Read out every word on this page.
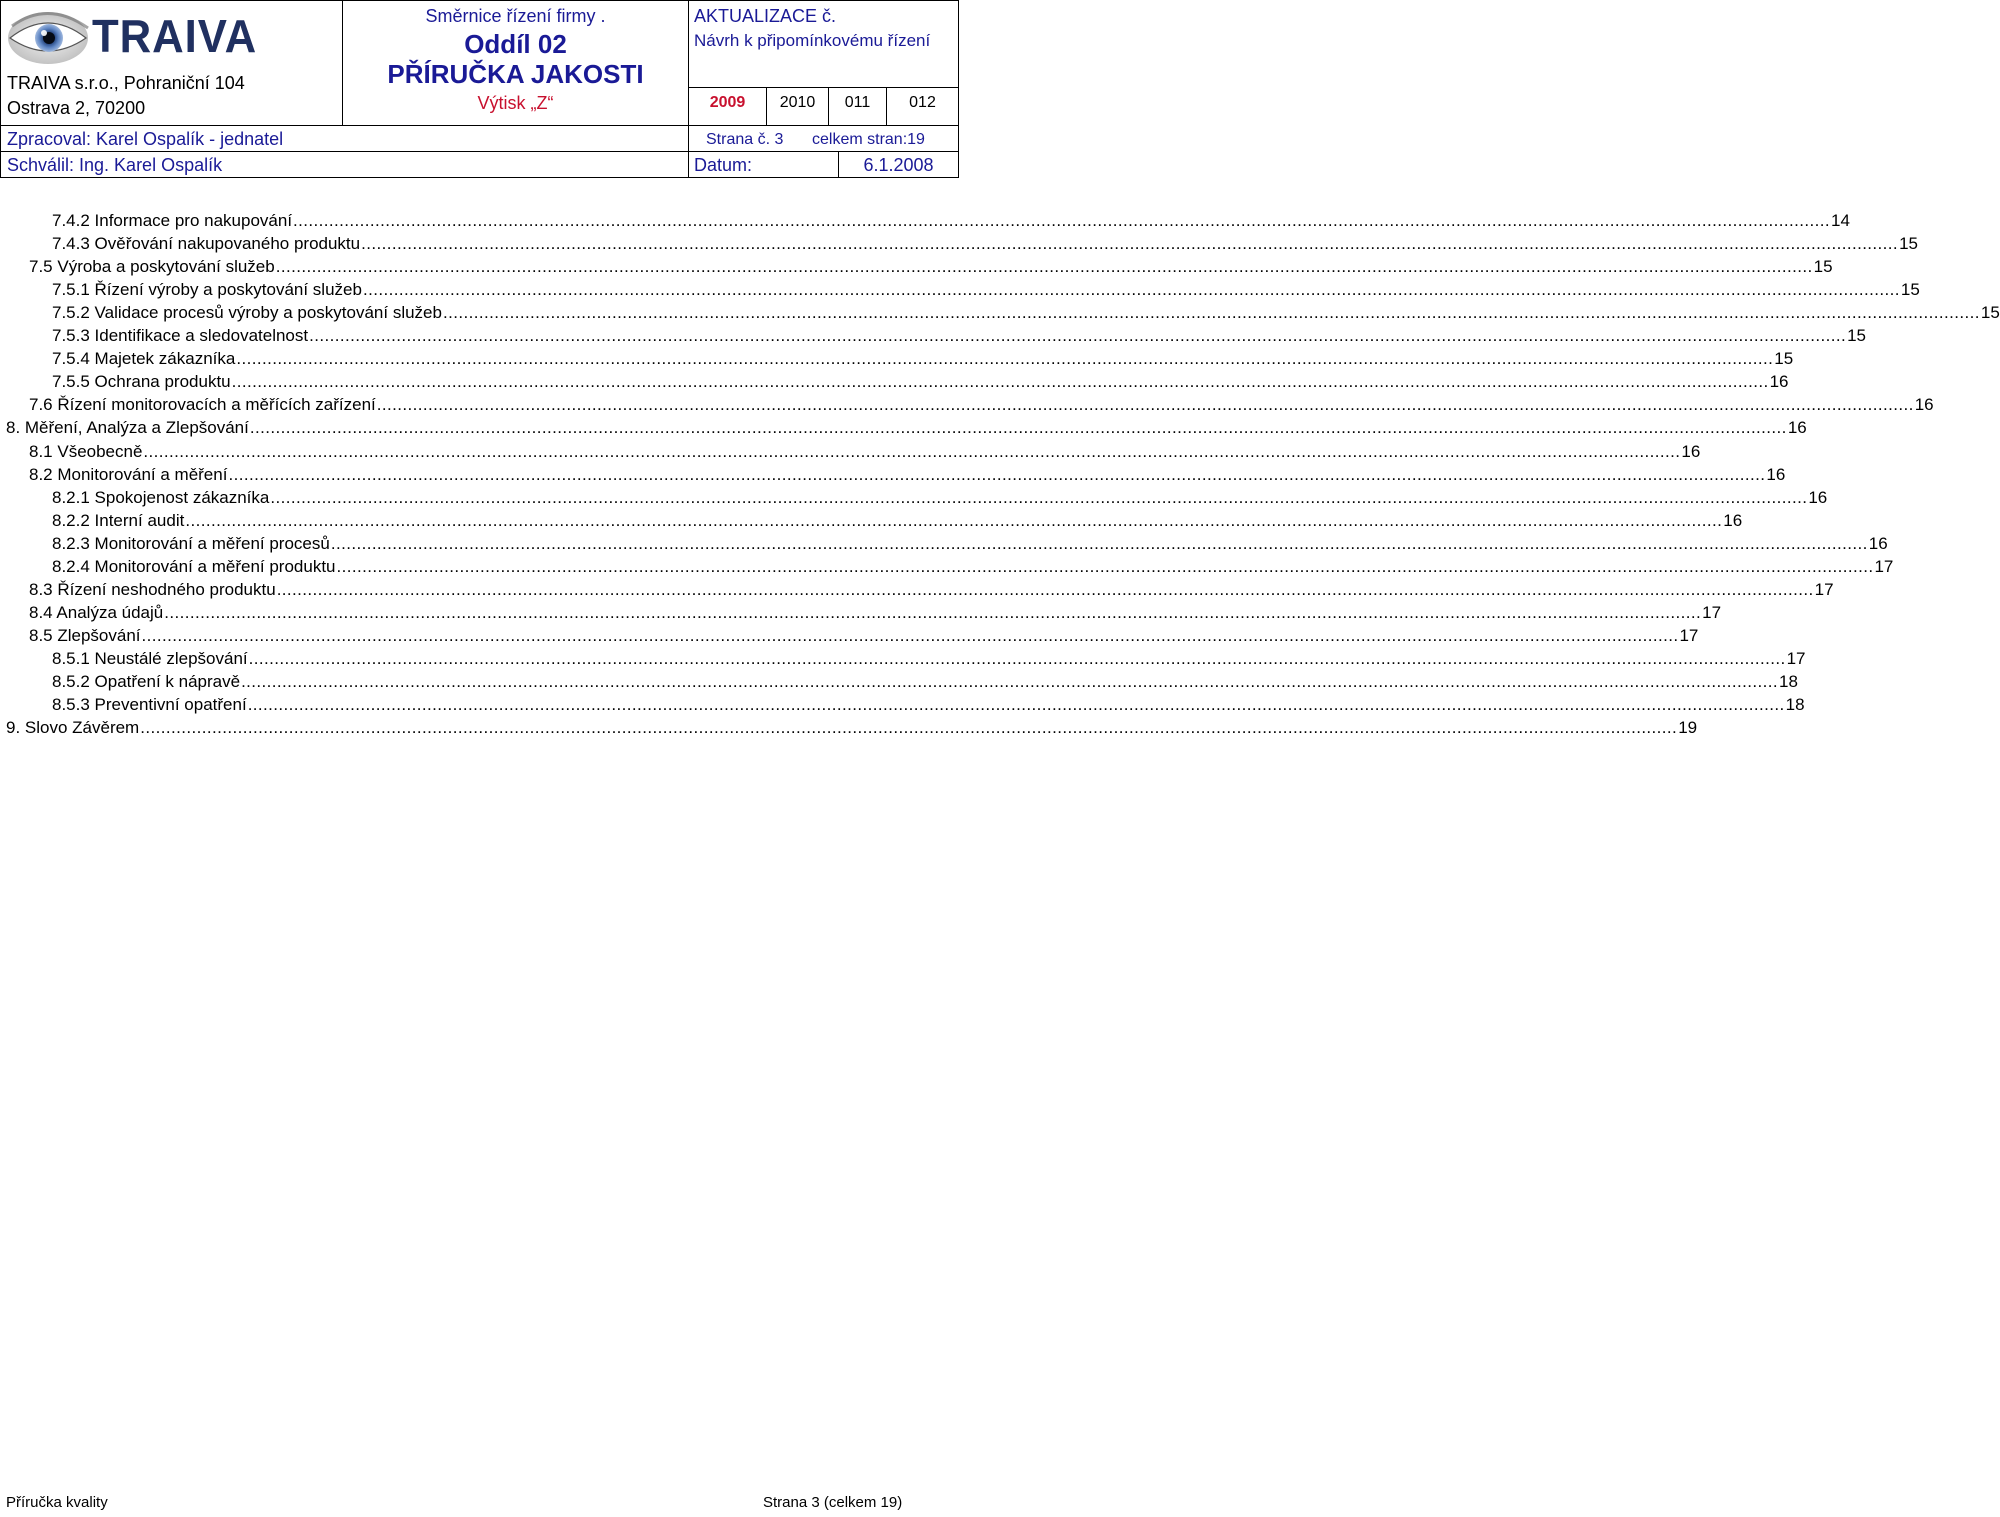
TRAIVA
TRAIVA s.r.o., Pohraniční 104
Ostrava 2, 70200
Směrnice řízení firmy .
Oddíl 02
PŘÍRUČKA JAKOSTI
Výtisk „Z“
AKTUALIZACE č.
Návrh k připomínkovému řízení
2009	2010	011	012
Zpracoval: Karel Ospalík - jednatel	Strana č. 3 celkem stran:19
Schválil: Ing. Karel Ospalík	Datum:	6.1.2008
7.4.2 Informace pro nakupování ............................................................................................................................................................................................................................................................................................................ 14
7.4.3 Ověřování nakupovaného produktu ............................................................................................................................................................................................................................................................................................................ 15
7.5 Výroba a poskytování služeb ............................................................................................................................................................................................................................................................................................................ 15
7.5.1 Řízení výroby a poskytování služeb ............................................................................................................................................................................................................................................................................................................ 15
7.5.2 Validace procesů výroby a poskytování služeb ............................................................................................................................................................................................................................................................................................................ 15
7.5.3 Identifikace a sledovatelnost ............................................................................................................................................................................................................................................................................................................ 15
7.5.4 Majetek zákazníka ............................................................................................................................................................................................................................................................................................................ 15
7.5.5 Ochrana produktu ............................................................................................................................................................................................................................................................................................................ 16
7.6 Řízení monitorovacích a měřících zařízení ............................................................................................................................................................................................................................................................................................................ 16
8. Měření, Analýza a Zlepšování ............................................................................................................................................................................................................................................................................................................ 16
8.1 Všeobecně ............................................................................................................................................................................................................................................................................................................ 16
8.2 Monitorování a měření ............................................................................................................................................................................................................................................................................................................ 16
8.2.1 Spokojenost zákazníka ............................................................................................................................................................................................................................................................................................................ 16
8.2.2 Interní audit ............................................................................................................................................................................................................................................................................................................ 16
8.2.3 Monitorování a měření procesů ............................................................................................................................................................................................................................................................................................................ 16
8.2.4 Monitorování a měření produktu ............................................................................................................................................................................................................................................................................................................ 17
8.3 Řízení neshodného produktu ............................................................................................................................................................................................................................................................................................................ 17
8.4 Analýza údajů ............................................................................................................................................................................................................................................................................................................ 17
8.5 Zlepšování ............................................................................................................................................................................................................................................................................................................ 17
8.5.1 Neustálé zlepšování ............................................................................................................................................................................................................................................................................................................ 17
8.5.2 Opatření k nápravě ............................................................................................................................................................................................................................................................................................................ 18
8.5.3 Preventivní opatření ............................................................................................................................................................................................................................................................................................................ 18
9. Slovo Závěrem ............................................................................................................................................................................................................................................................................................................ 19
Příručka kvality	Strana 3 (celkem 19)
